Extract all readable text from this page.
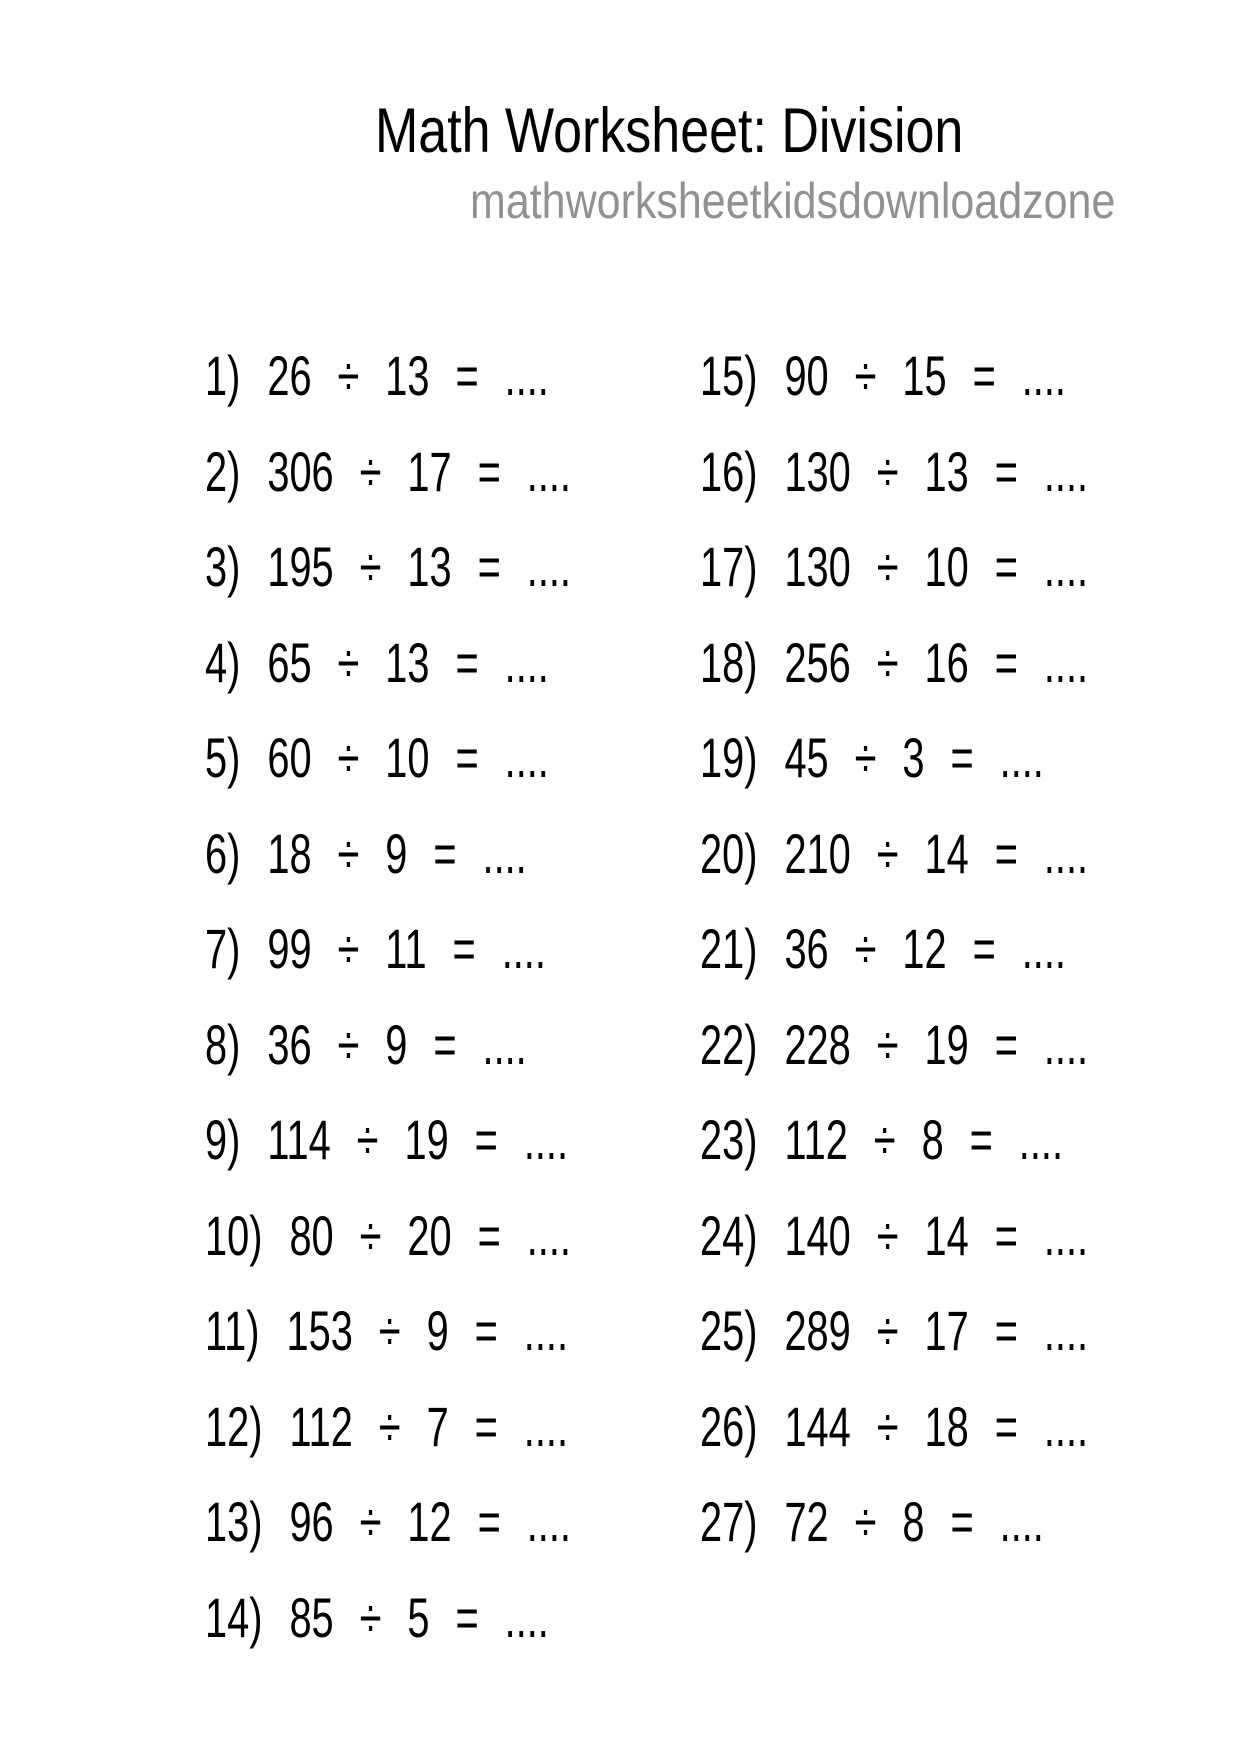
Math Worksheet: Division
mathworksheetkidsdownloadzone
1) 26 ÷ 13 = ....
2) 306 ÷ 17 = ....
3) 195 ÷ 13 = ....
4) 65 ÷ 13 = ....
5) 60 ÷ 10 = ....
6) 18 ÷ 9 = ....
7) 99 ÷ 11 = ....
8) 36 ÷ 9 = ....
9) 114 ÷ 19 = ....
10) 80 ÷ 20 = ....
11) 153 ÷ 9 = ....
12) 112 ÷ 7 = ....
13) 96 ÷ 12 = ....
14) 85 ÷ 5 = ....
15) 90 ÷ 15 = ....
16) 130 ÷ 13 = ....
17) 130 ÷ 10 = ....
18) 256 ÷ 16 = ....
19) 45 ÷ 3 = ....
20) 210 ÷ 14 = ....
21) 36 ÷ 12 = ....
22) 228 ÷ 19 = ....
23) 112 ÷ 8 = ....
24) 140 ÷ 14 = ....
25) 289 ÷ 17 = ....
26) 144 ÷ 18 = ....
27) 72 ÷ 8 = ....
